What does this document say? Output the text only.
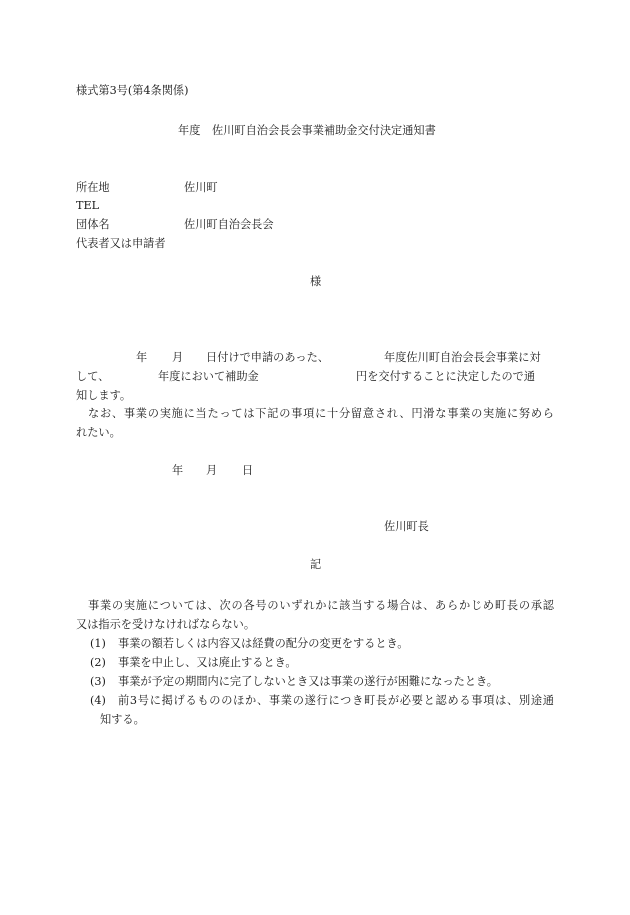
様式第3号(第4条関係)
年度 佐川町自治会長会事業補助金交付決定通知書
所在地	佐川町
TEL
団体名	佐川町自治会長会
代表者又は申請者
様
年 月 日付けで申請のあった、	年度佐川町自治会長会事業に対
して、	年度において補助金	円を交付することに決定したので通
知します。
なお、事業の実施に当たっては下記の事項に十分留意され、円滑な事業の実施に努めら
れたい。
年 月 日
佐川町長
記
事業の実施については、次の各号のいずれかに該当する場合は、あらかじめ町長の承認
又は指示を受けなければならない。
(1) 事業の額若しくは内容又は経費の配分の変更をするとき。
(2) 事業を中止し、又は廃止するとき。
(3) 事業が予定の期間内に完了しないとき又は事業の遂行が困難になったとき。
(4) 前3号に掲げるもののほか、事業の遂行につき町長が必要と認める事項は、別途通
知する。
